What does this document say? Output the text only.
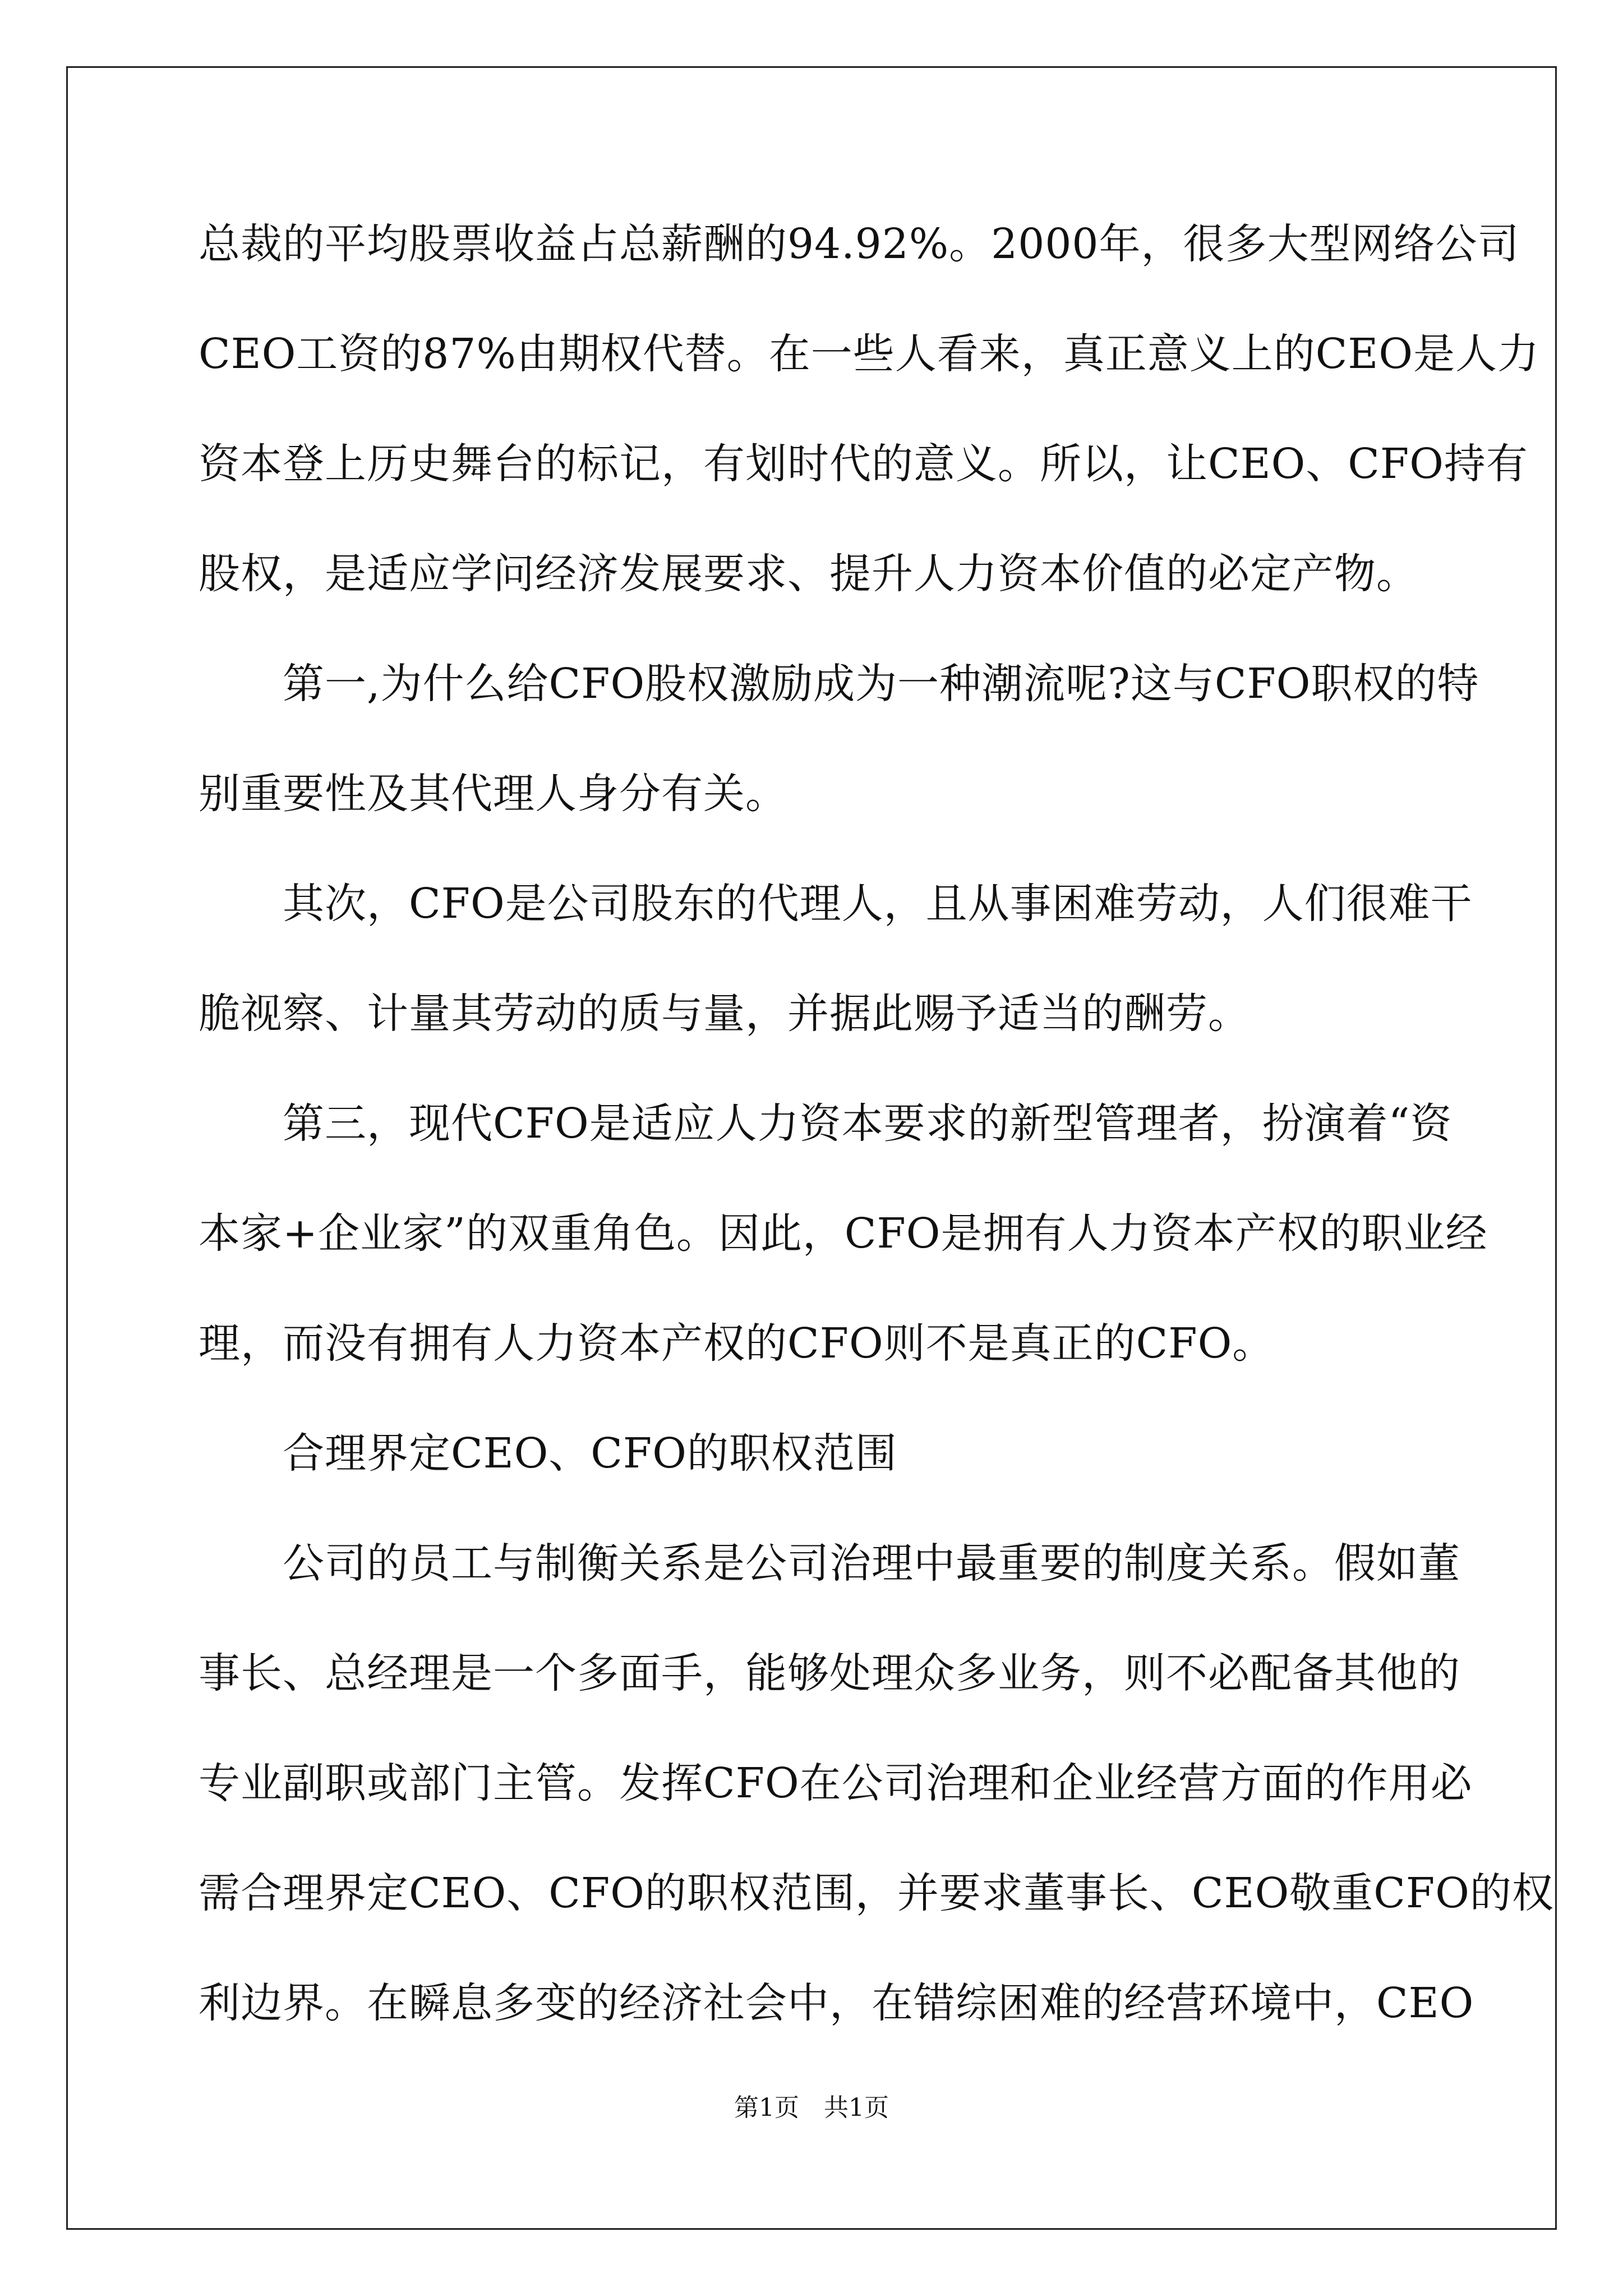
总裁的平均股票收益占总薪酬的94.92%。2000年，很多大型网络公司
CEO工资的87%由期权代替。在一些人看来，真正意义上的CEO是人力
资本登上历史舞台的标记，有划时代的意义。所以，让CEO、CFO持有
股权，是适应学问经济发展要求、提升人力资本价值的必定产物。
第一,为什么给CFO股权激励成为一种潮流呢?这与CFO职权的特
别重要性及其代理人身分有关。
其次，CFO是公司股东的代理人，且从事困难劳动，人们很难干
脆视察、计量其劳动的质与量，并据此赐予适当的酬劳。
第三，现代CFO是适应人力资本要求的新型管理者，扮演着“资
本家+企业家”的双重角色。因此，CFO是拥有人力资本产权的职业经
理，而没有拥有人力资本产权的CFO则不是真正的CFO。
合理界定CEO、CFO的职权范围
公司的员工与制衡关系是公司治理中最重要的制度关系。假如董
事长、总经理是一个多面手，能够处理众多业务，则不必配备其他的
专业副职或部门主管。发挥CFO在公司治理和企业经营方面的作用必
需合理界定CEO、CFO的职权范围，并要求董事长、CEO敬重CFO的权
利边界。在瞬息多变的经济社会中，在错综困难的经营环境中，CEO
第1页　共1页
